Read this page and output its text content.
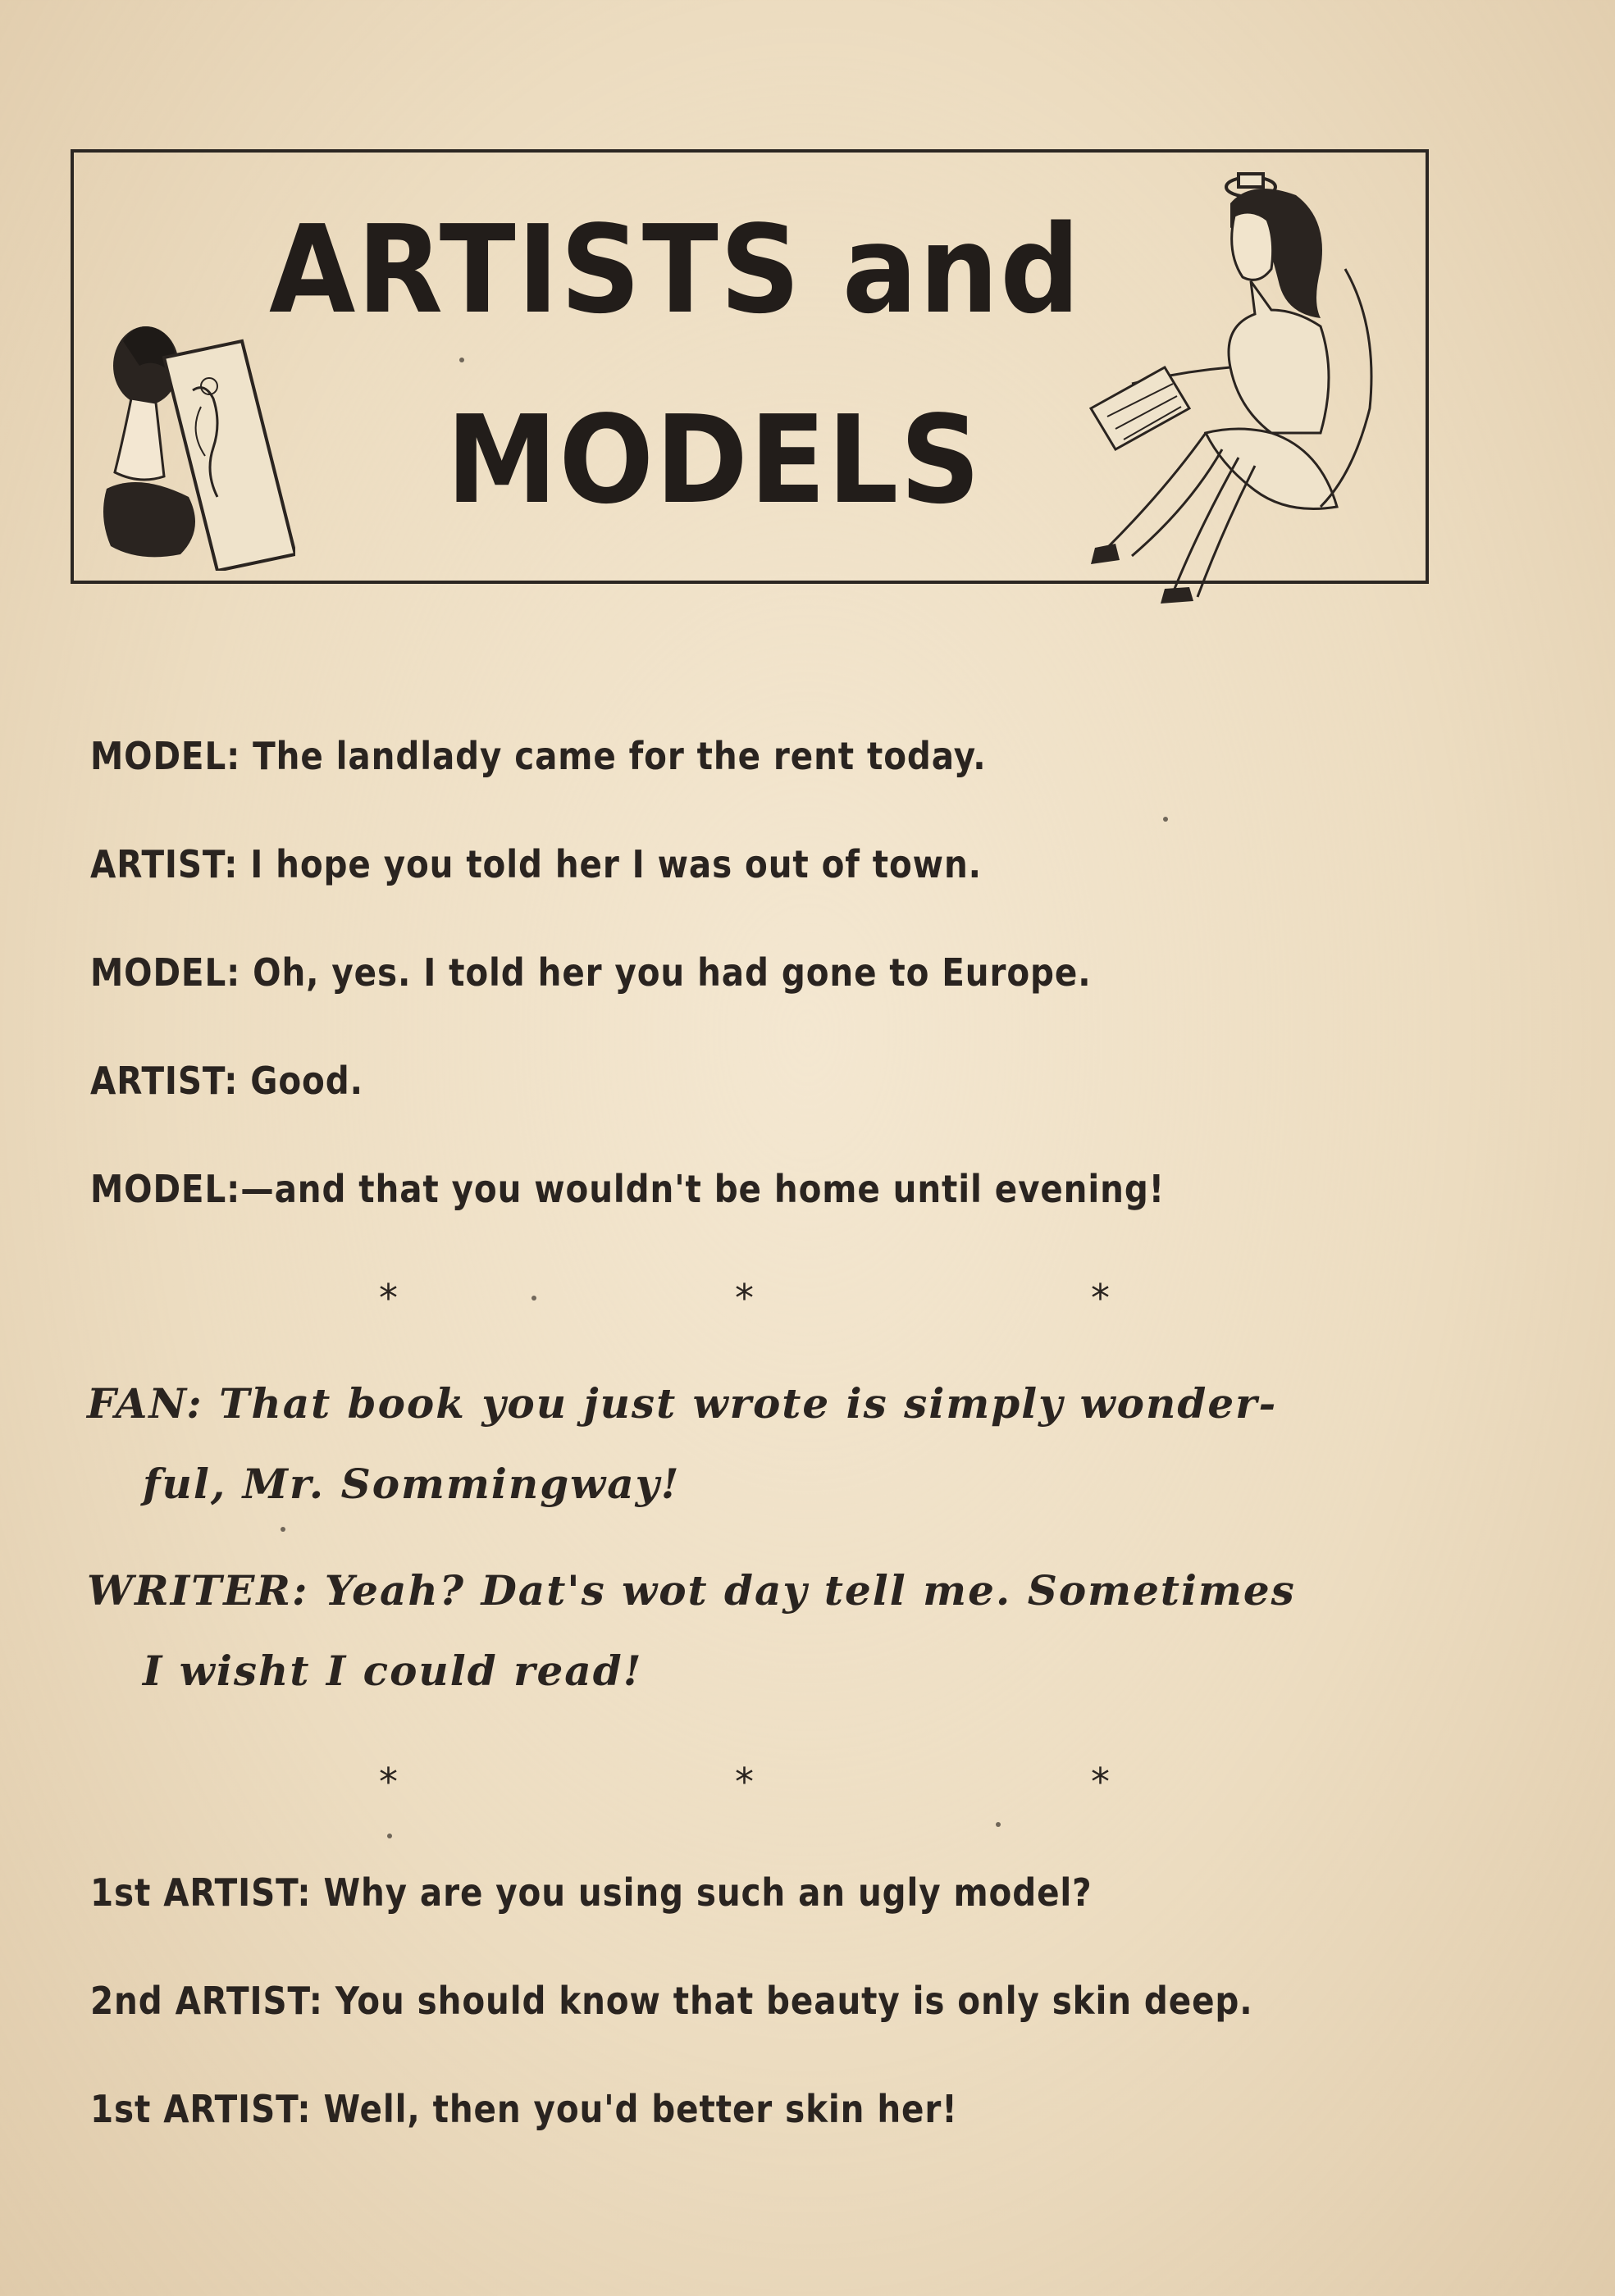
ARTISTS and
MODELS
MODEL: The landlady came for the rent today.
ARTIST: I hope you told her I was out of town.
MODEL: Oh, yes. I told her you had gone to Europe.
ARTIST: Good.
MODEL:—and that you wouldn't be home until evening!
*	*	*
FAN: That book you just wrote is simply wonder-
ful, Mr. Sommingway!
WRITER: Yeah? Dat's wot day tell me. Sometimes
I wisht I could read!
*	*	*
1st ARTIST: Why are you using such an ugly model?
2nd ARTIST: You should know that beauty is only skin deep.
1st ARTIST: Well, then you'd better skin her!
